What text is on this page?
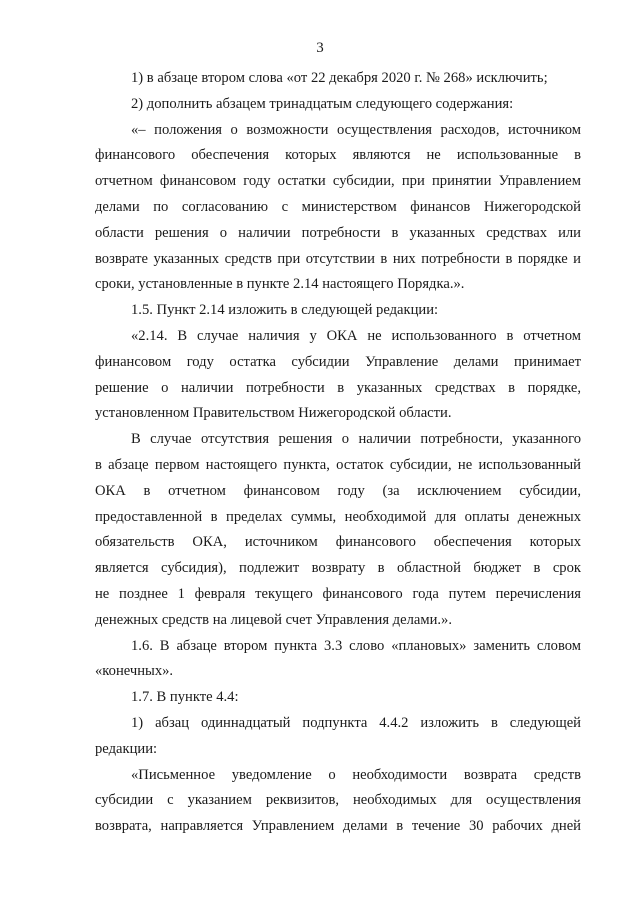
3

1) в абзаце втором слова «от 22 декабря 2020 г. № 268» исключить;

2) дополнить абзацем тринадцатым следующего содержания:

«– положения о возможности осуществления расходов, источником
финансового обеспечения которых являются не использованные в
отчетном финансовом году остатки субсидии, при принятии Управлением
делами по согласованию с министерством финансов Нижегородской
области решения о наличии потребности в указанных средствах или
возврате указанных средств при отсутствии в них потребности в порядке и
сроки, установленные в пункте 2.14 настоящего Порядка.».

1.5. Пункт 2.14 изложить в следующей редакции:

«2.14. В случае наличия у ОКА не использованного в отчетном
финансовом году остатка субсидии Управление делами принимает
решение о наличии потребности в указанных средствах в порядке,
установленном Правительством Нижегородской области.

В случае отсутствия решения о наличии потребности, указанного
в абзаце первом настоящего пункта, остаток субсидии, не использованный
ОКА в отчетном финансовом году (за исключением субсидии,
предоставленной в пределах суммы, необходимой для оплаты денежных
обязательств ОКА, источником финансового обеспечения которых
является субсидия), подлежит возврату в областной бюджет в срок
не позднее 1 февраля текущего финансового года путем перечисления
денежных средств на лицевой счет Управления делами.».

1.6. В абзаце втором пункта 3.3 слово «плановых» заменить словом
«конечных».

1.7. В пункте 4.4:

1) абзац одиннадцатый подпункта 4.4.2 изложить в следующей
редакции:

«Письменное уведомление о необходимости возврата средств
субсидии с указанием реквизитов, необходимых для осуществления
возврата, направляется Управлением делами в течение 30 рабочих дней
